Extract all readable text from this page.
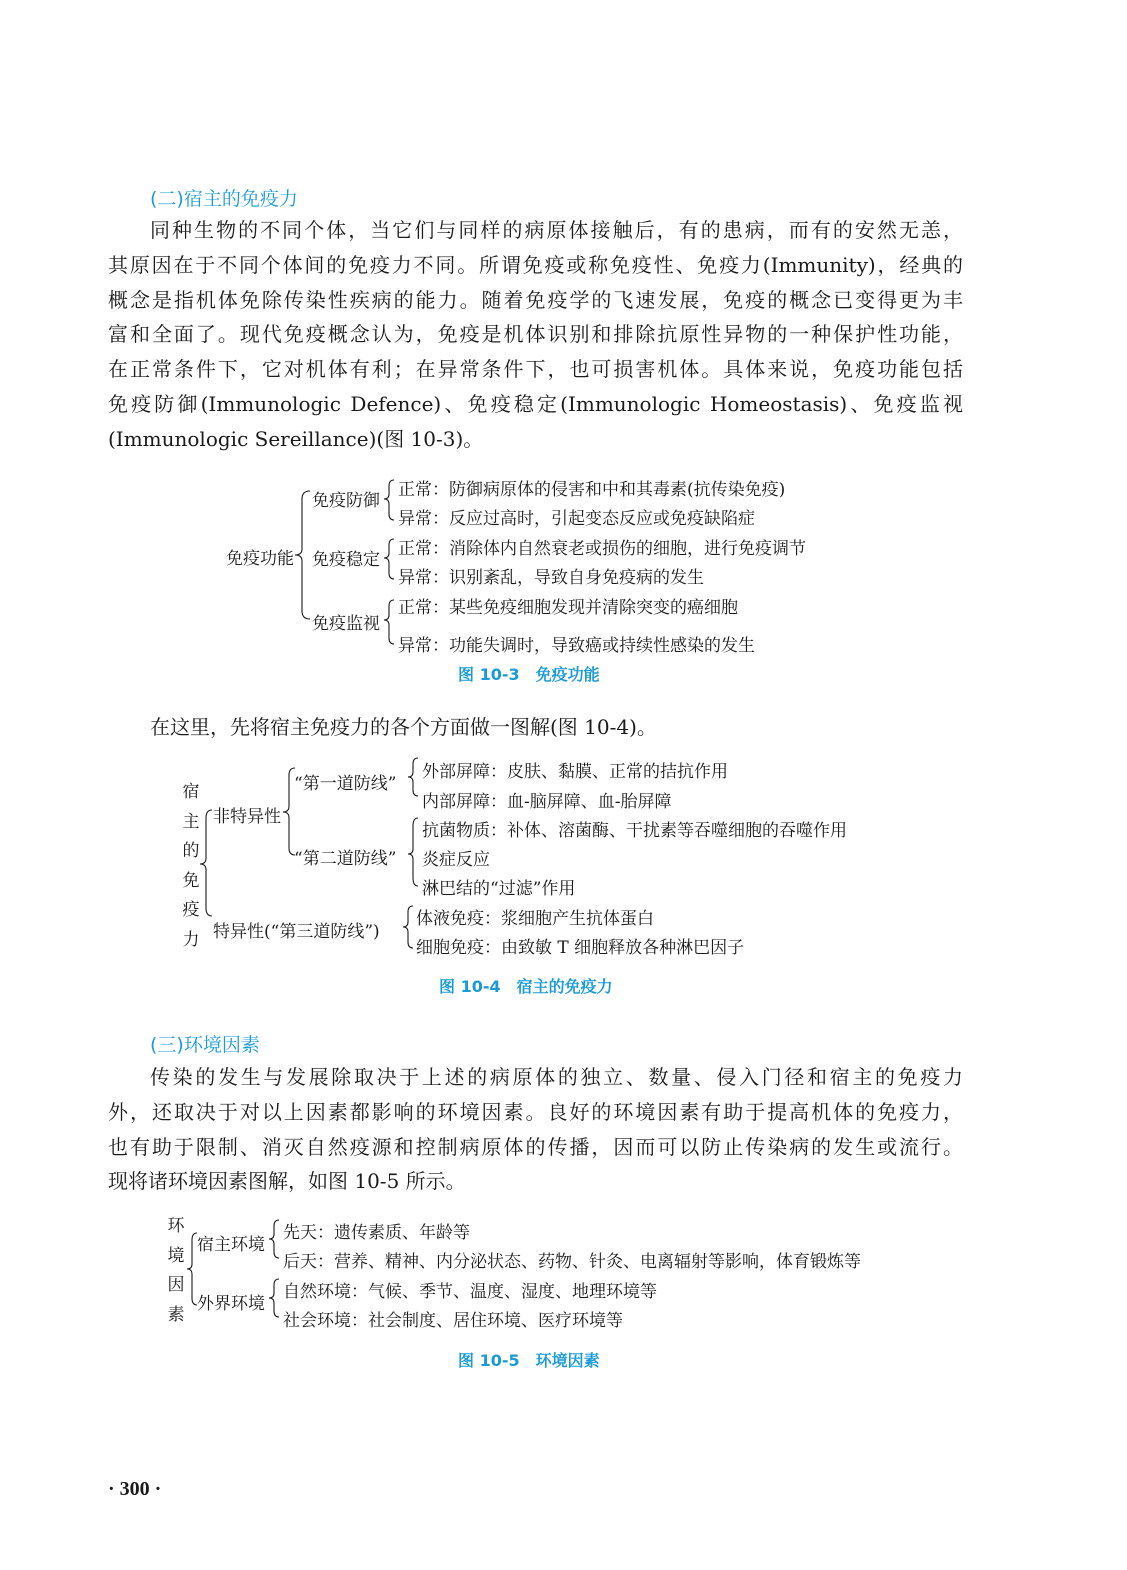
(二)宿主的免疫力
同种生物的不同个体，当它们与同样的病原体接触后，有的患病，而有的安然无恙，
其原因在于不同个体间的免疫力不同。所谓免疫或称免疫性、免疫力(Immunity)，经典的
概念是指机体免除传染性疾病的能力。随着免疫学的飞速发展，免疫的概念已变得更为丰
富和全面了。现代免疫概念认为，免疫是机体识别和排除抗原性异物的一种保护性功能，
在正常条件下，它对机体有利；在异常条件下，也可损害机体。具体来说，免疫功能包括
免疫防御(Immunologic Defence)、免疫稳定(Immunologic Homeostasis)、免疫监视
(Immunologic Sereillance)(图 10-3)。
免疫功能
免疫防御
免疫稳定
免疫监视
正常：防御病原体的侵害和中和其毒素(抗传染免疫)
异常：反应过高时，引起变态反应或免疫缺陷症
正常：消除体内自然衰老或损伤的细胞，进行免疫调节
异常：识别紊乱，导致自身免疫病的发生
正常：某些免疫细胞发现并清除突变的癌细胞
异常：功能失调时，导致癌或持续性感染的发生
图 10-3　免疫功能
在这里，先将宿主免疫力的各个方面做一图解(图 10-4)。
宿
主
的
免
疫
力
非特异性
“第一道防线”
“第二道防线”
外部屏障：皮肤、黏膜、正常的拮抗作用
内部屏障：血-脑屏障、血-胎屏障
抗菌物质：补体、溶菌酶、干扰素等吞噬细胞的吞噬作用
炎症反应
淋巴结的“过滤”作用
特异性(“第三道防线”)
体液免疫：浆细胞产生抗体蛋白
细胞免疫：由致敏 T 细胞释放各种淋巴因子
图 10-4　宿主的免疫力
(三)环境因素
传染的发生与发展除取决于上述的病原体的独立、数量、侵入门径和宿主的免疫力
外，还取决于对以上因素都影响的环境因素。良好的环境因素有助于提高机体的免疫力，
也有助于限制、消灭自然疫源和控制病原体的传播，因而可以防止传染病的发生或流行。
现将诸环境因素图解，如图 10-5 所示。
环
境
因
素
宿主环境
外界环境
先天：遗传素质、年龄等
后天：营养、精神、内分泌状态、药物、针灸、电离辐射等影响，体育锻炼等
自然环境：气候、季节、温度、湿度、地理环境等
社会环境：社会制度、居住环境、医疗环境等
图 10-5　环境因素
· 300 ·
